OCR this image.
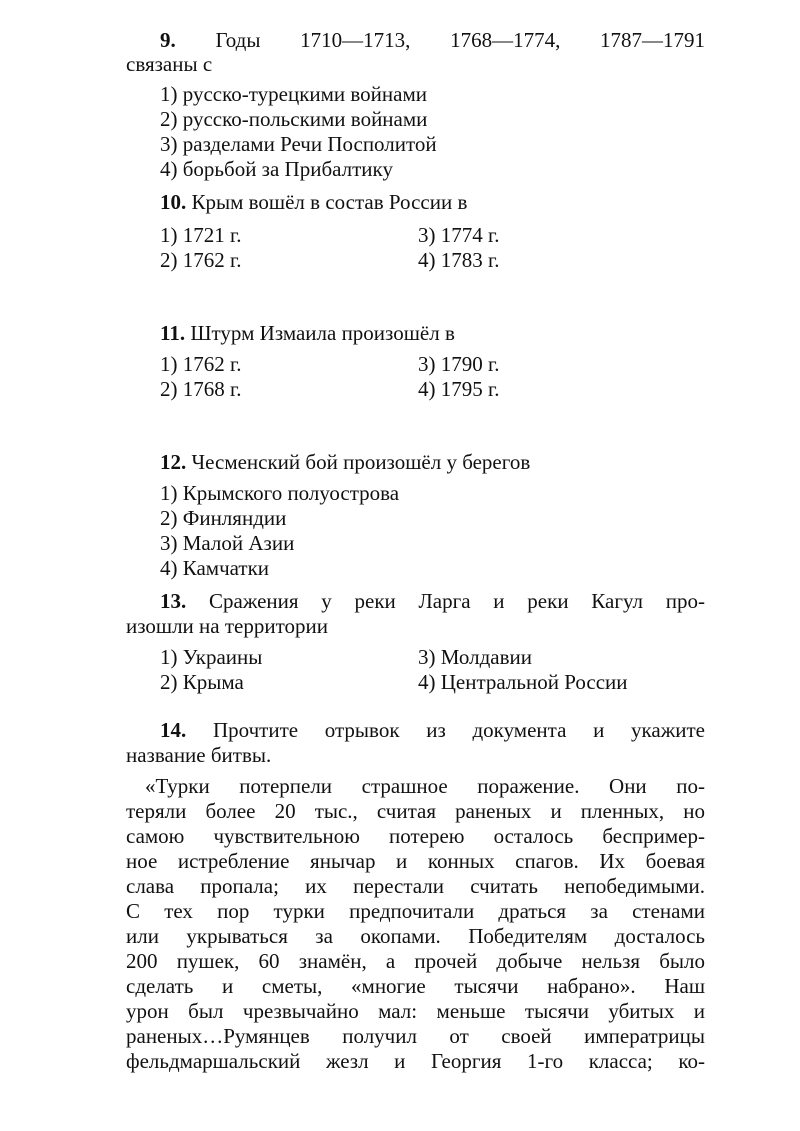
9. Годы 1710—1713, 1768—1774, 1787—1791
связаны с
1) русско-турецкими войнами
2) русско-польскими войнами
3) разделами Речи Посполитой
4) борьбой за Прибалтику
10. Крым вошёл в состав России в
1) 1721 г.
2) 1762 г.
3) 1774 г.
4) 1783 г.
11. Штурм Измаила произошёл в
1) 1762 г.
2) 1768 г.
3) 1790 г.
4) 1795 г.
12. Чесменский бой произошёл у берегов
1) Крымского полуострова
2) Финляндии
3) Малой Азии
4) Камчатки
13. Сражения у реки Ларга и реки Кагул про-
изошли на территории
1) Украины
2) Крыма
3) Молдавии
4) Центральной России
14. Прочтите отрывок из документа и укажите
название битвы.
«Турки потерпели страшное поражение. Они по-
теряли более 20 тыс., считая раненых и пленных, но
самою чувствительною потерею осталось беспример-
ное истребление янычар и конных спагов. Их боевая
слава пропала; их перестали считать непобедимыми.
С тех пор турки предпочитали драться за стенами
или укрываться за окопами. Победителям досталось
200 пушек, 60 знамён, а прочей добыче нельзя было
сделать и сметы, «многие тысячи набрано». Наш
урон был чрезвычайно мал: меньше тысячи убитых и
раненых…Румянцев получил от своей императрицы
фельдмаршальский жезл и Георгия 1-го класса; ко-
